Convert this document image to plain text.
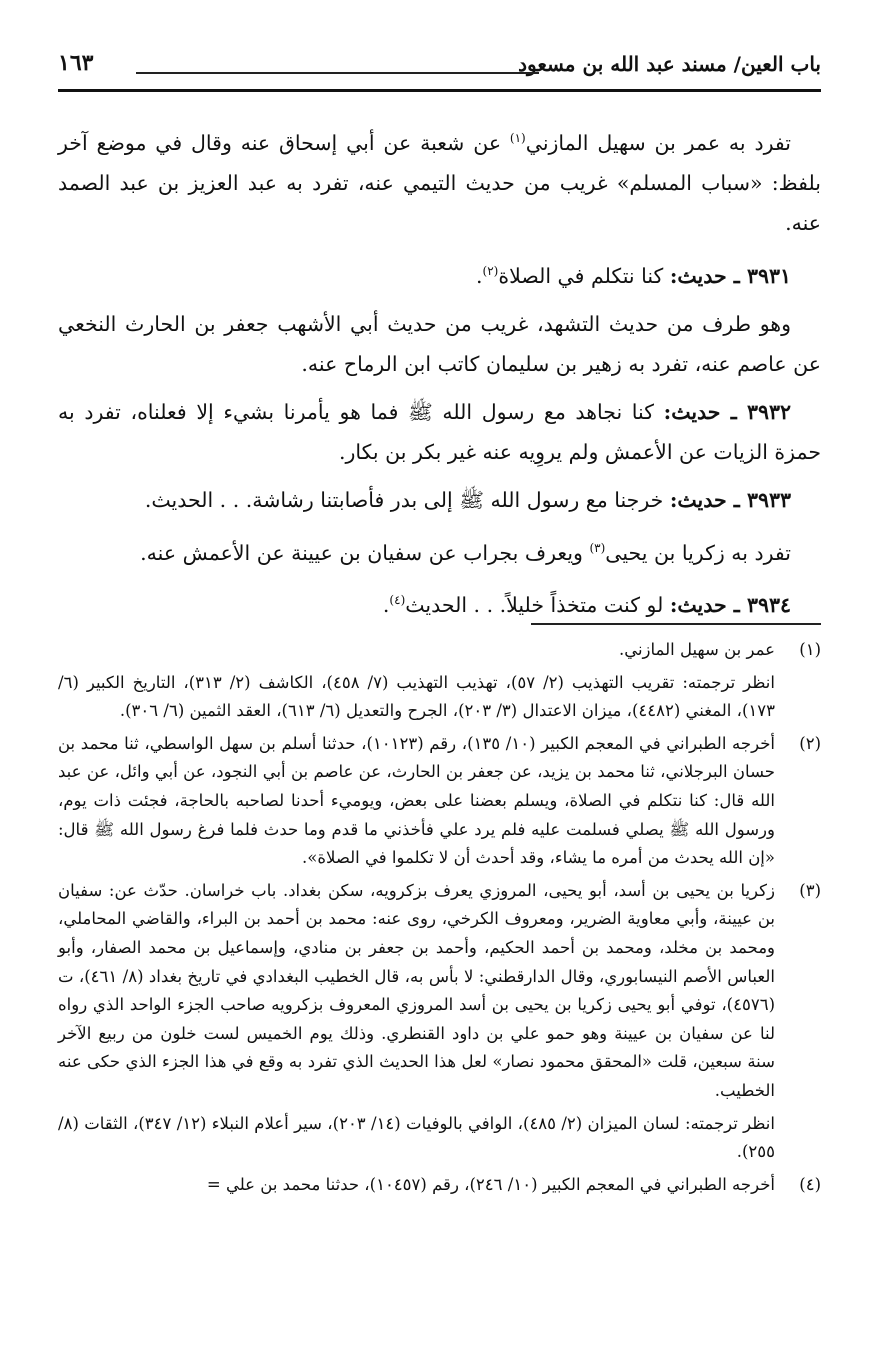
باب العين/ مسند عبد الله بن مسعود
١٦٣

تفرد به عمر بن سهيل المازني$^{(١)}$ عن شعبة عن أبي إسحاق عنه وقال في موضع آخر بلفظ: «سباب المسلم» غريب من حديث التيمي عنه، تفرد به عبد العزيز بن عبد الصمد عنه.

٣٩٣١ ـ حديث: كنا نتكلم في الصلاة$^{(٢)}$.

وهو طرف من حديث التشهد، غريب من حديث أبي الأشهب جعفر بن الحارث النخعي عن عاصم عنه، تفرد به زهير بن سليمان كاتب ابن الرماح عنه.

٣٩٣٢ ـ حديث: كنا نجاهد مع رسول الله ﷺ فما هو يأمرنا بشيء إلا فعلناه، تفرد به حمزة الزيات عن الأعمش ولم يروِيه عنه غير بكر بن بكار.

٣٩٣٣ ـ حديث: خرجنا مع رسول الله ﷺ إلى بدر فأصابتنا رشاشة. . . الحديث.

تفرد به زكريا بن يحيى$^{(٣)}$ ويعرف بجراب عن سفيان بن عيينة عن الأعمش عنه.

٣٩٣٤ ـ حديث: لو كنت متخذاً خليلاً. . . الحديث$^{(٤)}$.

(١)
عمر بن سهيل المازني.
انظر ترجمته: تقريب التهذيب (٢/ ٥٧)، تهذيب التهذيب (٧/ ٤٥٨)، الكاشف (٢/ ٣١٣)، التاريخ الكبير (٦/ ١٧٣)، المغني (٤٤٨٢)، ميزان الاعتدال (٣/ ٢٠٣)، الجرح والتعديل (٦/ ٦١٣)، العقد الثمين (٦/ ٣٠٦).
(٢)
أخرجه الطبراني في المعجم الكبير (١٠/ ١٣٥)، رقم (١٠١٢٣)، حدثنا أسلم بن سهل الواسطي، ثنا محمد بن حسان البرجلاني، ثنا محمد بن يزيد، عن جعفر بن الحارث، عن عاصم بن أبي النجود، عن أبي وائل، عن عبد الله قال: كنا نتكلم في الصلاة، ويسلم بعضنا على بعض، ويوميء أحدنا لصاحبه بالحاجة، فجئت ذات يوم، ورسول الله ﷺ يصلي فسلمت عليه فلم يرد علي فأخذني ما قدم وما حدث فلما فرغ رسول الله ﷺ قال: «إن الله يحدث من أمره ما يشاء، وقد أحدث أن لا تكلموا في الصلاة».
(٣)
زكريا بن يحيى بن أسد، أبو يحيى، المروزي يعرف بزكرويه، سكن بغداد. باب خراسان. حدّث عن: سفيان بن عيينة، وأبي معاوية الضرير، ومعروف الكرخي، روى عنه: محمد بن أحمد بن البراء، والقاضي المحاملي، ومحمد بن مخلد، ومحمد بن أحمد الحكيم، وأحمد بن جعفر بن منادي، وإسماعيل بن محمد الصفار، وأبو العباس الأصم النيسابوري، وقال الدارقطني: لا بأس به، قال الخطيب البغدادي في تاريخ بغداد (٨/ ٤٦١)، ت (٤٥٧٦)، توفي أبو يحيى زكريا بن يحيى بن أسد المروزي المعروف بزكرويه صاحب الجزء الواحد الذي رواه لنا عن سفيان بن عيينة وهو حمو علي بن داود القنطري. وذلك يوم الخميس لست خلون من ربيع الآخر سنة سبعين، قلت «المحقق محمود نصار» لعل هذا الحديث الذي تفرد به وقع في هذا الجزء الذي حكى عنه الخطيب.
انظر ترجمته: لسان الميزان (٢/ ٤٨٥)، الوافي بالوفيات (١٤/ ٢٠٣)، سير أعلام النبلاء (١٢/ ٣٤٧)، الثقات (٨/ ٢٥٥).
(٤)
أخرجه الطبراني في المعجم الكبير (١٠/ ٢٤٦)، رقم (١٠٤٥٧)، حدثنا محمد بن علي =
